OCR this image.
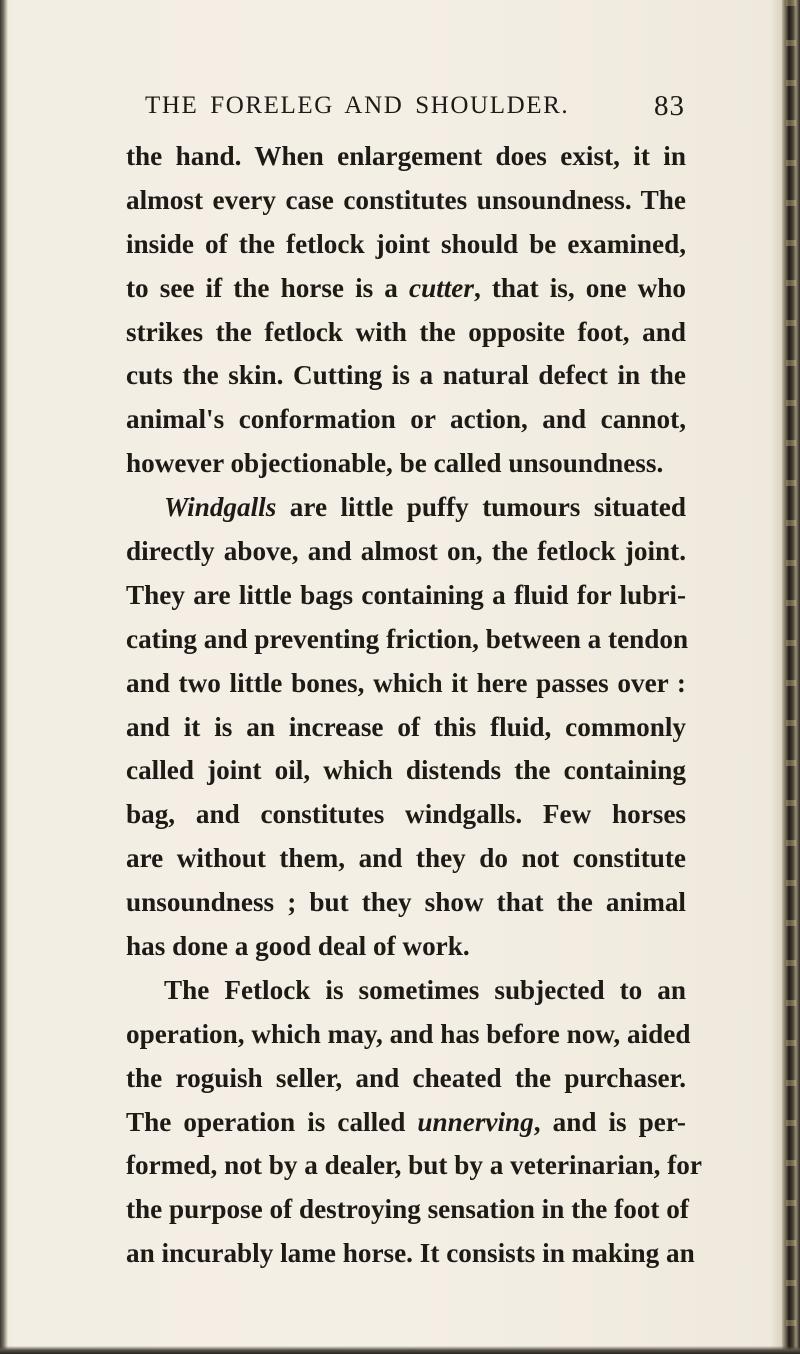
THE FORELEG AND SHOULDER.	83
the hand. When enlargement does exist, it in
almost every case constitutes unsoundness. The
inside of the fetlock joint should be examined,
to see if the horse is a cutter, that is, one who
strikes the fetlock with the opposite foot, and
cuts the skin. Cutting is a natural defect in the
animal's conformation or action, and cannot,
however objectionable, be called unsoundness.
Windgalls are little puffy tumours situated
directly above, and almost on, the fetlock joint.
They are little bags containing a fluid for lubri-
cating and preventing friction, between a tendon
and two little bones, which it here passes over :
and it is an increase of this fluid, commonly
called joint oil, which distends the containing
bag, and constitutes windgalls. Few horses
are without them, and they do not constitute
unsoundness ; but they show that the animal
has done a good deal of work.
The Fetlock is sometimes subjected to an
operation, which may, and has before now, aided
the roguish seller, and cheated the purchaser.
The operation is called unnerving, and is per-
formed, not by a dealer, but by a veterinarian, for
the purpose of destroying sensation in the foot of
an incurably lame horse. It consists in making an
